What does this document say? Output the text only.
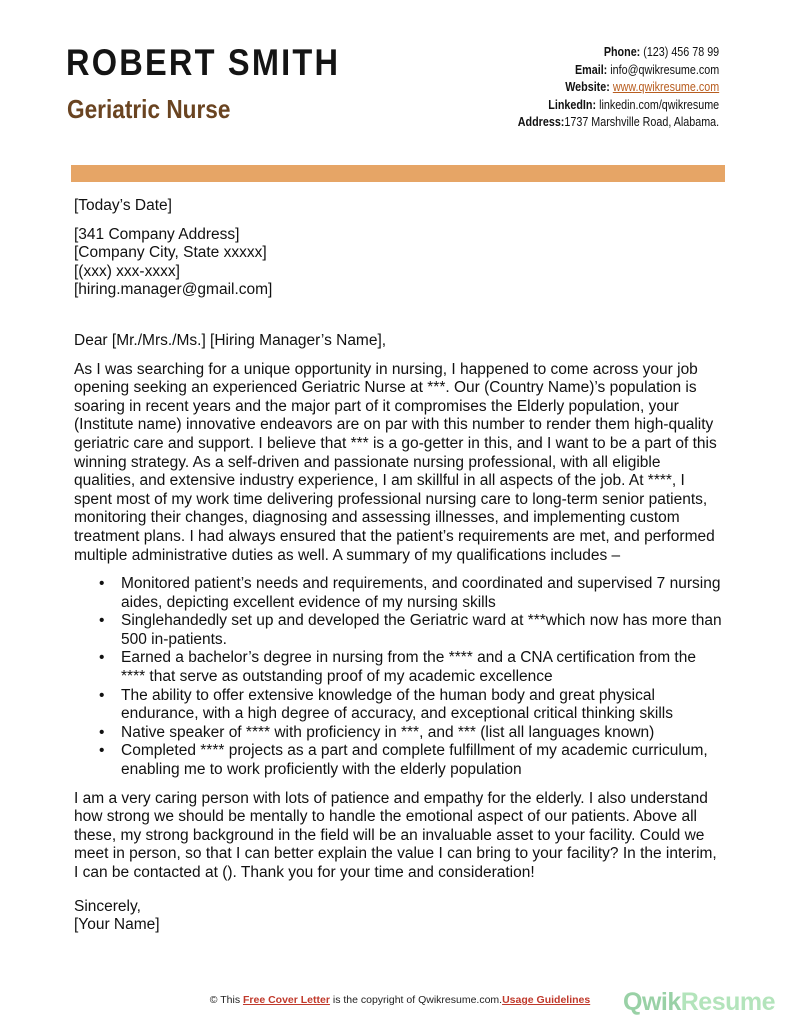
ROBERT SMITH
Geriatric Nurse
Phone: (123) 456 78 99
Email: info@qwikresume.com
Website: www.qwikresume.com
LinkedIn: linkedin.com/qwikresume
Address:1737 Marshville Road, Alabama.

[Today’s Date]

[341 Company Address]

[Company City, State xxxxx]

[(xxx) xxx-xxxx]

[hiring.manager@gmail.com]

Dear [Mr./Mrs./Ms.] [Hiring Manager’s Name],

As I was searching for a unique opportunity in nursing, I happened to come across your job opening seeking an experienced Geriatric Nurse at ***. Our (Country Name)’s population is soaring in recent years and the major part of it compromises the Elderly population, your (Institute name) innovative endeavors are on par with this number to render them high-quality geriatric care and support. I believe that *** is a go-getter in this, and I want to be a part of this winning strategy. As a self-driven and passionate nursing professional, with all eligible qualities, and extensive industry experience, I am skillful in all aspects of the job. At ****, I spent most of my work time delivering professional nursing care to long-term senior patients, monitoring their changes, diagnosing and assessing illnesses, and implementing custom treatment plans. I had always ensured that the patient’s requirements are met, and performed multiple administrative duties as well. A summary of my qualifications includes –

• Monitored patient’s needs and requirements, and coordinated and supervised 7 nursing aides, depicting excellent evidence of my nursing skills
• Singlehandedly set up and developed the Geriatric ward at ***which now has more than 500 in-patients.
• Earned a bachelor’s degree in nursing from the **** and a CNA certification from the **** that serve as outstanding proof of my academic excellence
• The ability to offer extensive knowledge of the human body and great physical endurance, with a high degree of accuracy, and exceptional critical thinking skills
• Native speaker of **** with proficiency in ***, and *** (list all languages known)
• Completed **** projects as a part and complete fulfillment of my academic curriculum, enabling me to work proficiently with the elderly population

I am a very caring person with lots of patience and empathy for the elderly. I also understand how strong we should be mentally to handle the emotional aspect of our patients. Above all these, my strong background in the field will be an invaluable asset to your facility. Could we meet in person, so that I can better explain the value I can bring to your facility? In the interim, I can be contacted at (). Thank you for your time and consideration!

Sincerely,

[Your Name]

© This Free Cover Letter is the copyright of Qwikresume.com.Usage Guidelines	QwikResume
